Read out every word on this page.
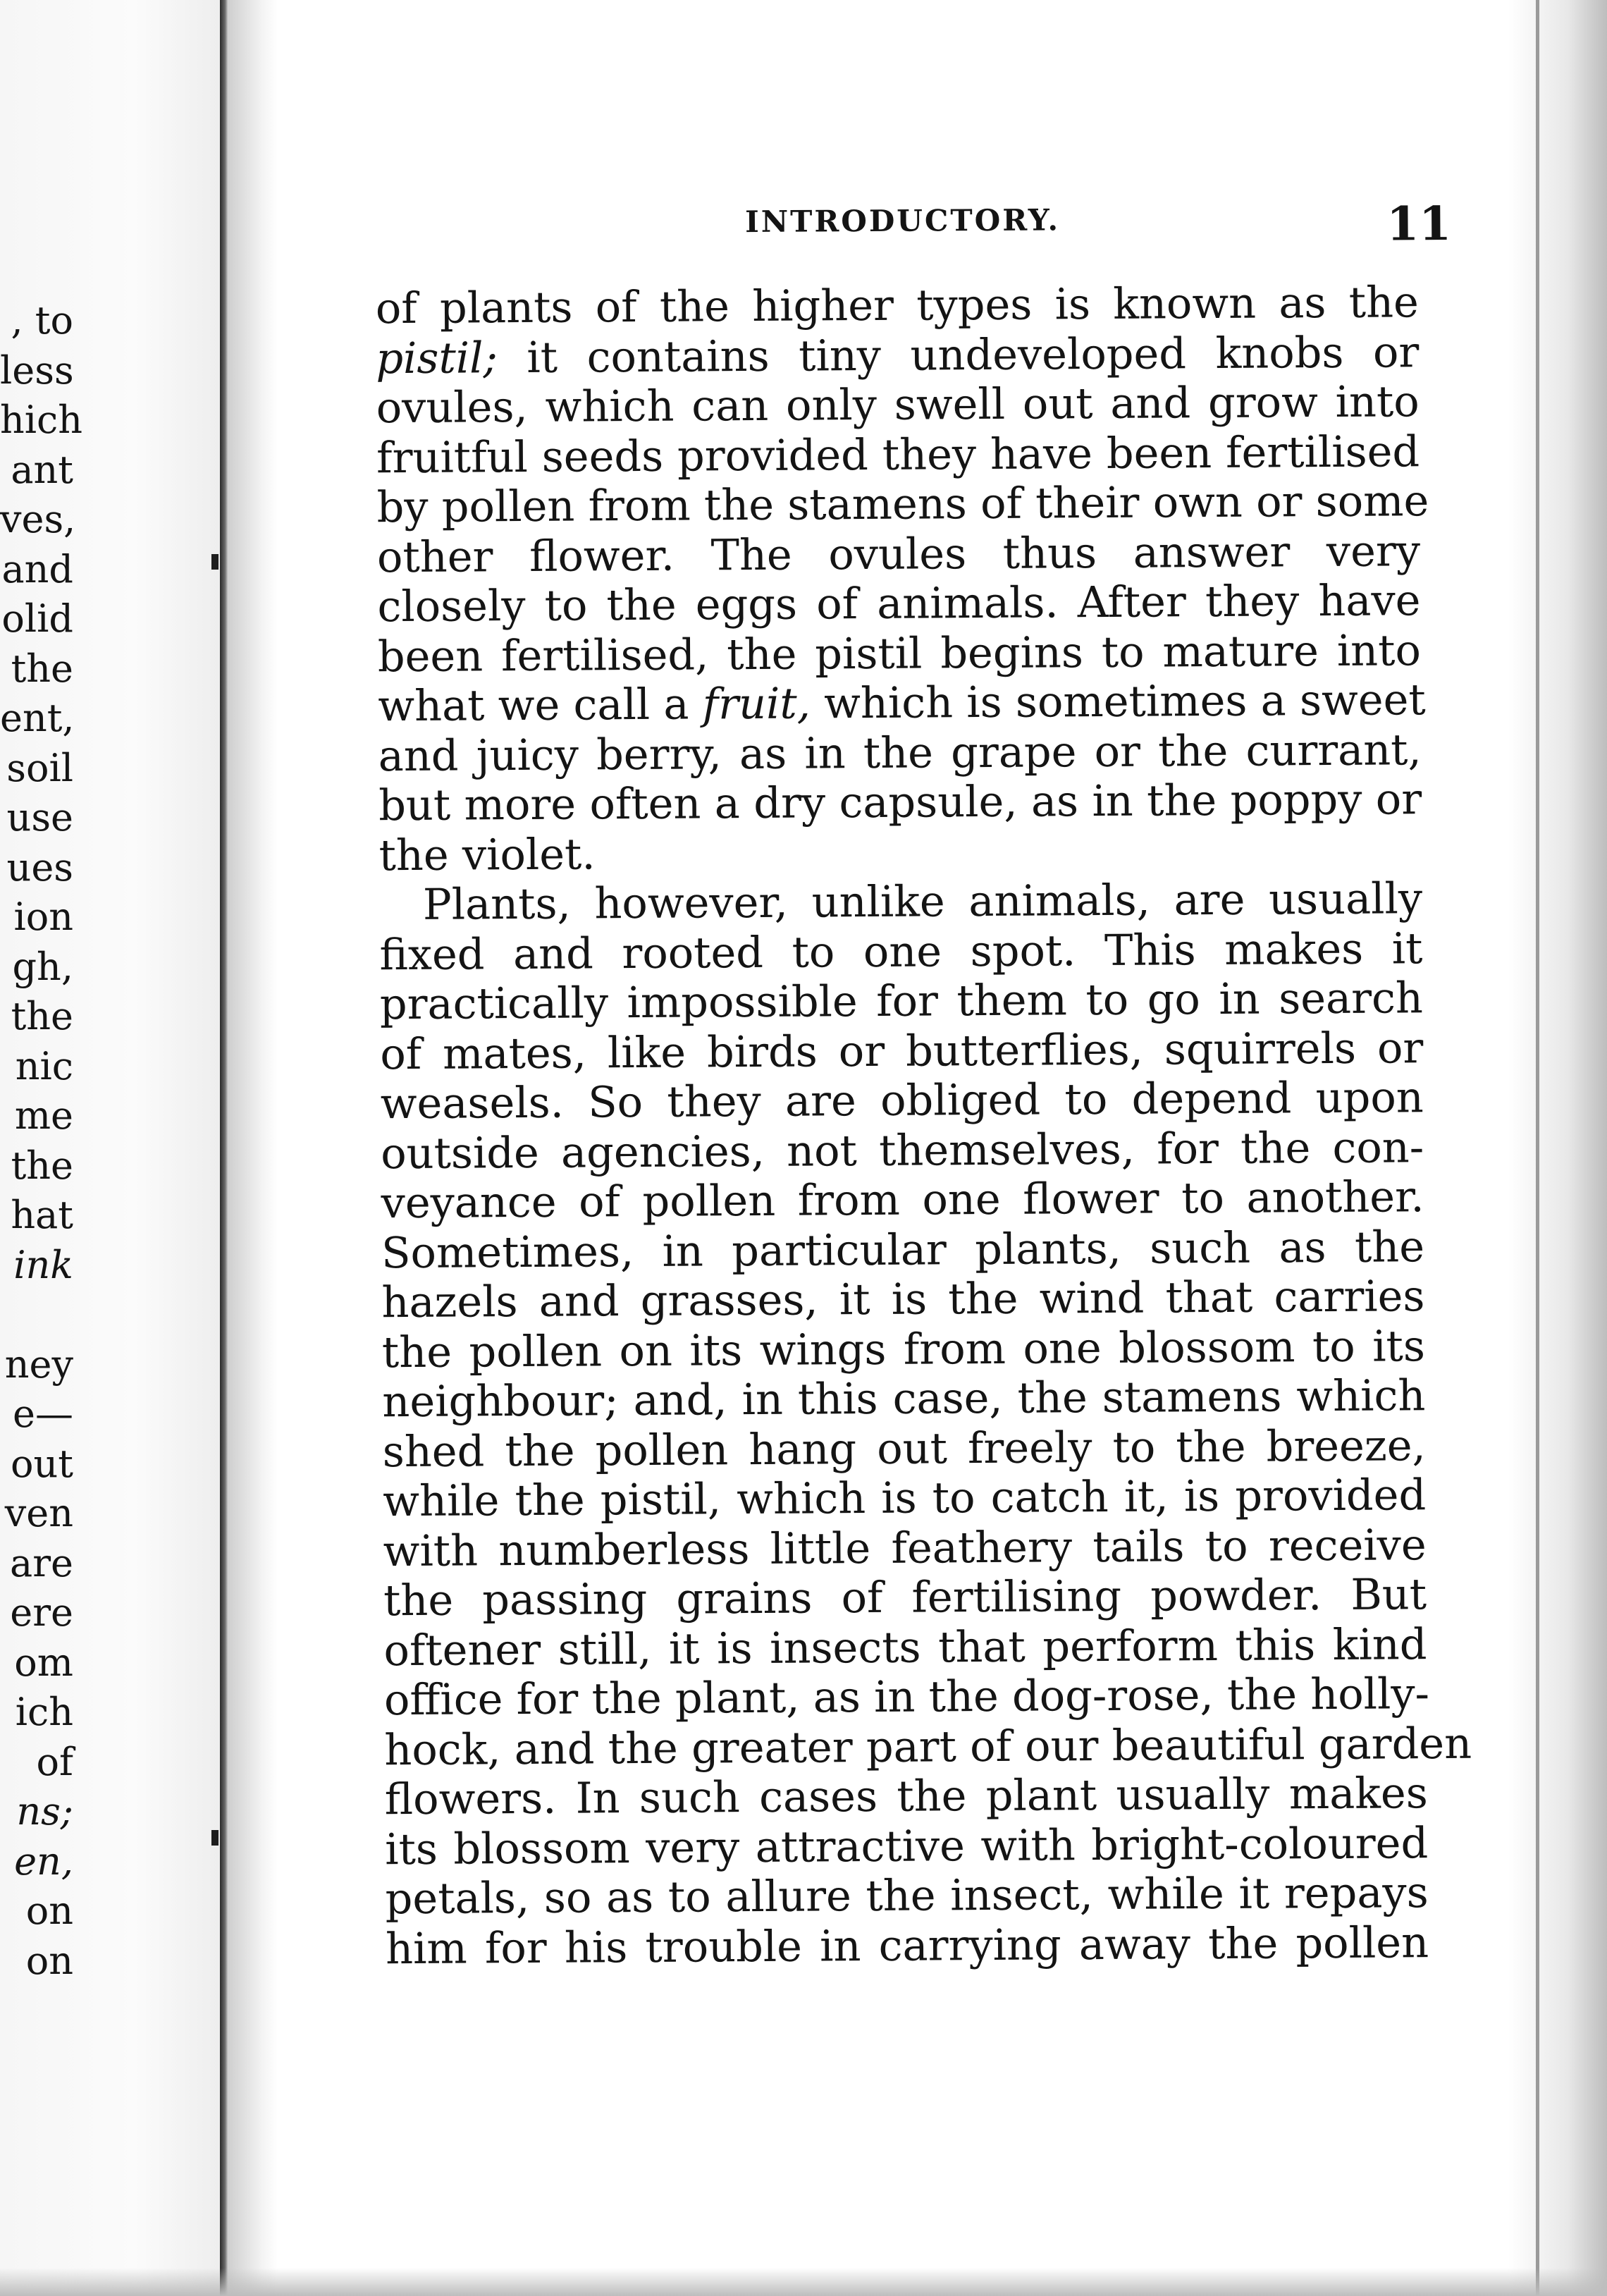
, to
less
hich
ant
ves,
and
olid
the
ent,
soil
use
ues
ion
gh,
the
nic
me
the
hat
ink
ney
e—
out
ven
are
ere
om
ich
of
ns;
en,
on
on
INTRODUCTORY.	11
of plants of the higher types is known as the
pistil; it contains tiny undeveloped knobs or
ovules, which can only swell out and grow into
fruitful seeds provided they have been fertilised
by pollen from the stamens of their own or some
other flower. The ovules thus answer very
closely to the eggs of animals. After they have
been fertilised, the pistil begins to mature into
what we call a fruit, which is sometimes a sweet
and juicy berry, as in the grape or the currant,
but more often a dry capsule, as in the poppy or
the violet.
Plants, however, unlike animals, are usually
fixed and rooted to one spot. This makes it
practically impossible for them to go in search
of mates, like birds or butterflies, squirrels or
weasels. So they are obliged to depend upon
outside agencies, not themselves, for the con-
veyance of pollen from one flower to another.
Sometimes, in particular plants, such as the
hazels and grasses, it is the wind that carries
the pollen on its wings from one blossom to its
neighbour; and, in this case, the stamens which
shed the pollen hang out freely to the breeze,
while the pistil, which is to catch it, is provided
with numberless little feathery tails to receive
the passing grains of fertilising powder. But
oftener still, it is insects that perform this kind
office for the plant, as in the dog-rose, the holly-
hock, and the greater part of our beautiful garden
flowers. In such cases the plant usually makes
its blossom very attractive with bright-coloured
petals, so as to allure the insect, while it repays
him for his trouble in carrying away the pollen
